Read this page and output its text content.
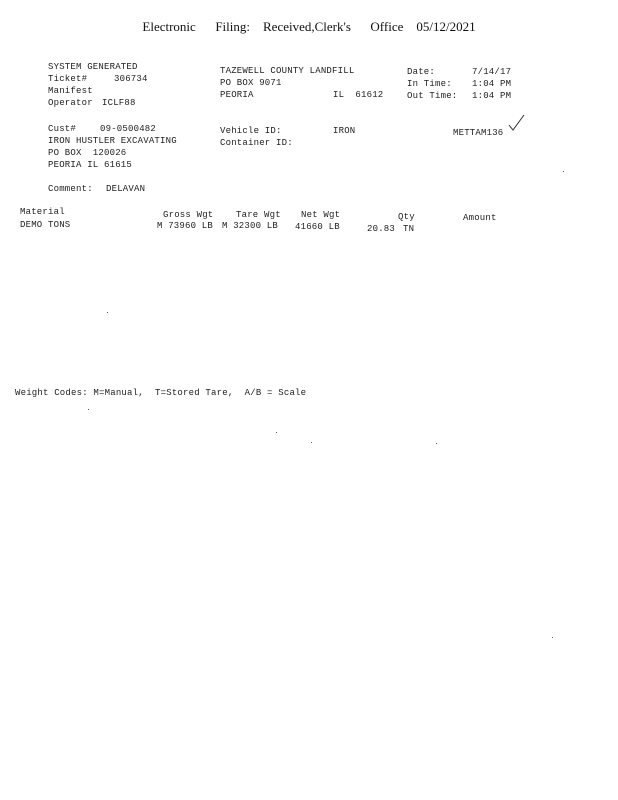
Electronic Filing: Received,Clerk's Office 05/12/2021
SYSTEM GENERATED
Ticket#	306734
Manifest
Operator ICLF88
TAZEWELL COUNTY LANDFILL
PO BOX 9071
PEORIA	IL  61612
Date:	7/14/17
In Time: 1:04 PM
Out Time: 1:04 PM
Cust#	09-0500482
IRON HUSTLER EXCAVATING
PO BOX  120026
PEORIA IL 61615
Vehicle ID:	IRON
Container ID:
METTAM136
Comment: DELAVAN
Material	Gross Wgt	Tare Wgt Net Wgt	Qty	Amount
DEMO TONS	M 73960 LB M 32300 LB 41660 LB	20.83 TN
Weight Codes: M=Manual,  T=Stored Tare,  A/B = Scale
